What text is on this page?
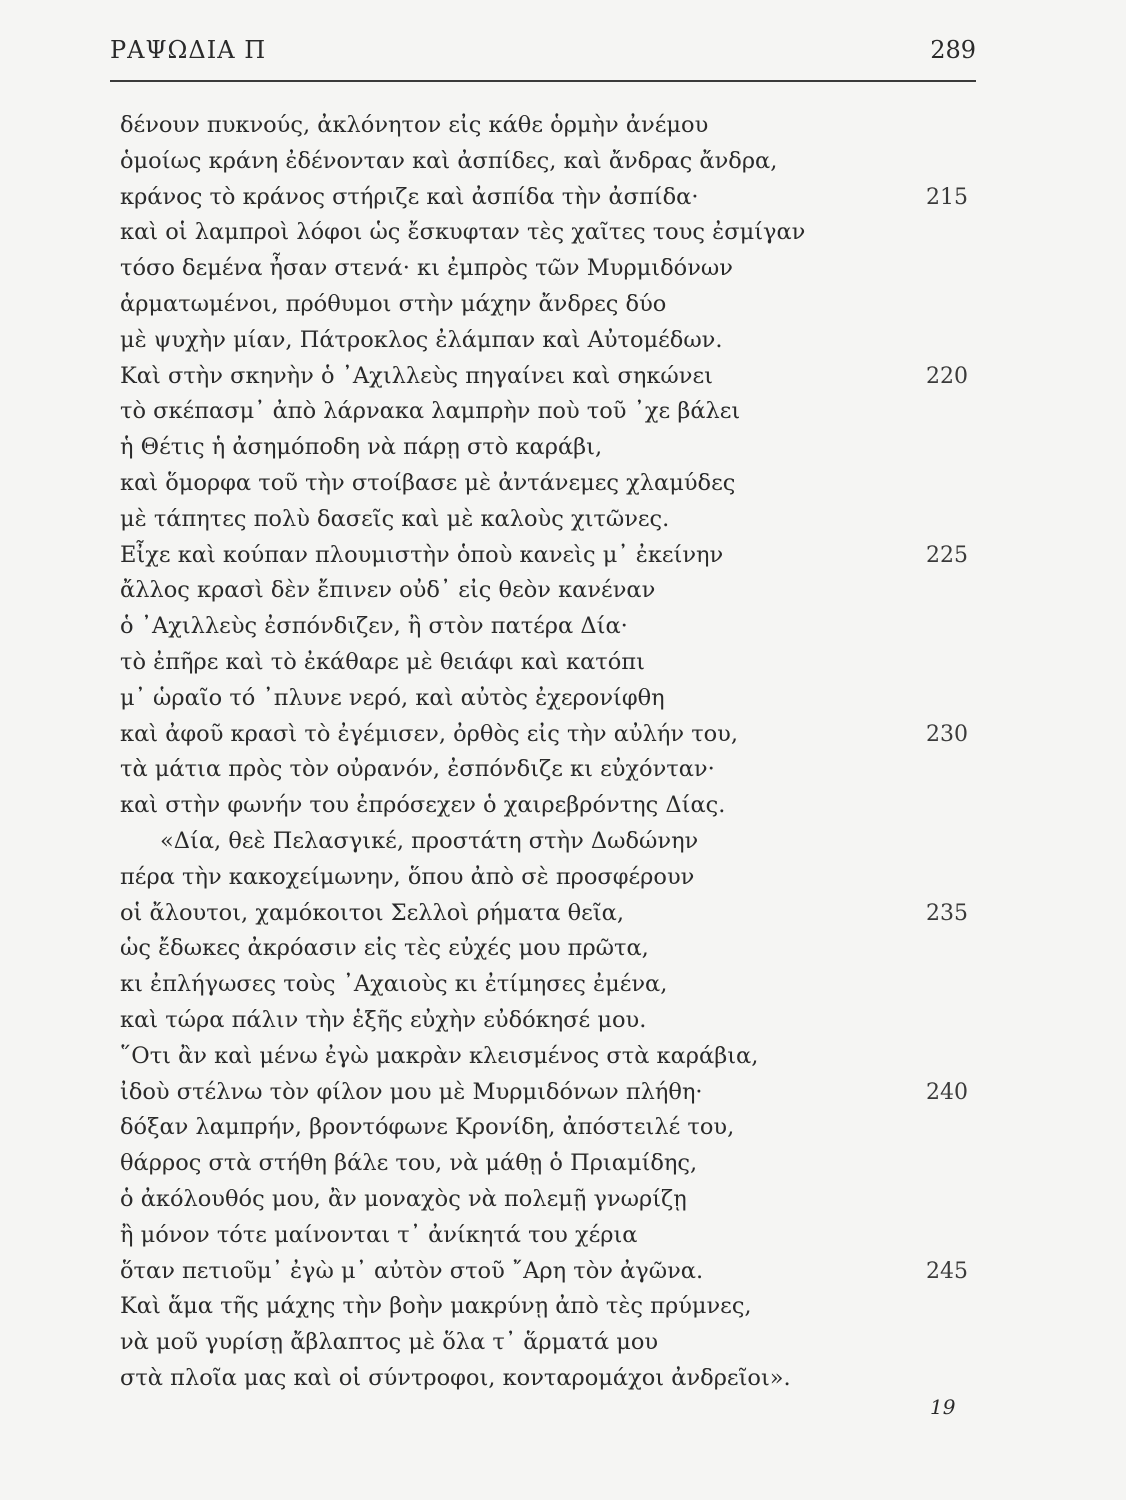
ΡΑΨΩΔΙΑ Π	289
δένουν πυκνούς, ἀκλόνητον εἰς κάθε ὁρμὴν ἀνέμου
ὁμοίως κράνη ἐδένονταν καὶ ἀσπίδες, καὶ ἄνδρας ἄνδρα,
κράνος τὸ κράνος στήριζε καὶ ἀσπίδα τὴν ἀσπίδα·	215
καὶ οἱ λαμπροὶ λόφοι ὡς ἔσκυφταν τὲς χαῖτες τους ἐσμίγαν
τόσο δεμένα ἦσαν στενά· κι ἐμπρὸς τῶν Μυρμιδόνων
ἁρματωμένοι, πρόθυμοι στὴν μάχην ἄνδρες δύο
μὲ ψυχὴν μίαν, Πάτροκλος ἐλάμπαν καὶ Αὐτομέδων.
Καὶ στὴν σκηνὴν ὁ ᾿Αχιλλεὺς πηγαίνει καὶ σηκώνει	220
τὸ σκέπασμ᾿ ἀπὸ λάρνακα λαμπρὴν ποὺ τοῦ ᾿χε βάλει
ἡ Θέτις ἡ ἀσημόποδη νὰ πάρῃ στὸ καράβι,
καὶ ὅμορφα τοῦ τὴν στοίβασε μὲ ἀντάνεμες χλαμύδες
μὲ τάπητες πολὺ δασεῖς καὶ μὲ καλοὺς χιτῶνες.
Εἶχε καὶ κούπαν πλουμιστὴν ὁποὺ κανεὶς μ᾿ ἐκείνην	225
ἄλλος κρασὶ δὲν ἔπινεν οὐδ᾿ εἰς θεὸν κανέναν
ὁ ᾿Αχιλλεὺς ἐσπόνδιζεν, ἢ στὸν πατέρα Δία·
τὸ ἐπῆρε καὶ τὸ ἐκάθαρε μὲ θειάφι καὶ κατόπι
μ᾿ ὡραῖο τό ᾿πλυνε νερό, καὶ αὐτὸς ἐχερονίφθη
καὶ ἀφοῦ κρασὶ τὸ ἐγέμισεν, ὀρθὸς εἰς τὴν αὐλήν του,	230
τὰ μάτια πρὸς τὸν οὐρανόν, ἐσπόνδιζε κι εὐχόνταν·
καὶ στὴν φωνήν του ἐπρόσεχεν ὁ χαιρεβρόντης Δίας.
«Δία, θεὲ Πελασγικέ, προστάτη στὴν Δωδώνην
πέρα τὴν κακοχείμωνην, ὅπου ἀπὸ σὲ προσφέρουν
οἱ ἄλουτοι, χαμόκοιτοι Σελλοὶ ρήματα θεῖα,	235
ὡς ἔδωκες ἀκρόασιν εἰς τὲς εὐχές μου πρῶτα,
κι ἐπλήγωσες τοὺς ᾿Αχαιοὺς κι ἐτίμησες ἐμένα,
καὶ τώρα πάλιν τὴν ἑξῆς εὐχὴν εὐδόκησέ μου.
῞Οτι ἂν καὶ μένω ἐγὼ μακρὰν κλεισμένος στὰ καράβια,
ἰδοὺ στέλνω τὸν φίλον μου μὲ Μυρμιδόνων πλήθη·	240
δόξαν λαμπρήν, βροντόφωνε Κρονίδη, ἀπόστειλέ του,
θάρρος στὰ στήθη βάλε του, νὰ μάθῃ ὁ Πριαμίδης,
ὁ ἀκόλουθός μου, ἂν μοναχὸς νὰ πολεμῇ γνωρίζῃ
ἢ μόνον τότε μαίνονται τ᾿ ἀνίκητά του χέρια
ὅταν πετιοῦμ᾿ ἐγὼ μ᾿ αὐτὸν στοῦ ῎Αρη τὸν ἀγῶνα.	245
Καὶ ἅμα τῆς μάχης τὴν βοὴν μακρύνῃ ἀπὸ τὲς πρύμνες,
νὰ μοῦ γυρίσῃ ἄβλαπτος μὲ ὅλα τ᾿ ἅρματά μου
στὰ πλοῖα μας καὶ οἱ σύντροφοι, κονταρομάχοι ἀνδρεῖοι».
19
